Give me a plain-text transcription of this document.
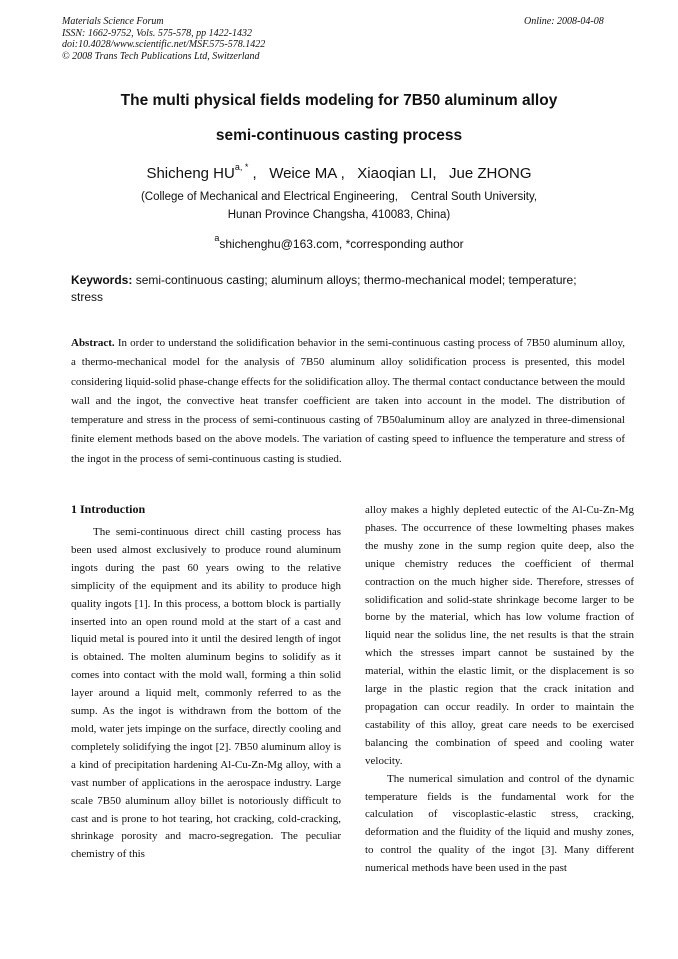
Materials Science Forum
ISSN: 1662-9752, Vols. 575-578, pp 1422-1432
doi:10.4028/www.scientific.net/MSF.575-578.1422
© 2008 Trans Tech Publications Ltd, Switzerland
Online: 2008-04-08
The multi physical fields modeling for 7B50 aluminum alloy
semi-continuous casting process
Shicheng $HU^{a, *}$ ,   Weice MA ,   Xiaoqian LI,   Jue ZHONG
(College of Mechanical and Electrical Engineering,    Central South University,
Hunan Province Changsha, 410083, China)
$^a$shichenghu@163.com, *corresponding author
Keywords: semi-continuous casting; aluminum alloys; thermo-mechanical model; temperature; stress
Abstract. In order to understand the solidification behavior in the semi-continuous casting process of 7B50 aluminum alloy, a thermo-mechanical model for the analysis of 7B50 aluminum alloy solidification process is presented, this model considering liquid-solid phase-change effects for the solidification alloy. The thermal contact conductance between the mould wall and the ingot, the convective heat transfer coefficient are taken into account in the model. The distribution of temperature and stress in the process of semi-continuous casting of 7B50aluminum alloy are analyzed in three-dimensional finite element methods based on the above models. The variation of casting speed to influence the temperature and stress of the ingot in the process of semi-continuous casting is studied.
1 Introduction

The semi-continuous direct chill casting process has been used almost exclusively to produce round aluminum ingots during the past 60 years owing to the relative simplicity of the equipment and its ability to produce high quality ingots [1]. In this process, a bottom block is partially inserted into an open round mold at the start of a cast and liquid metal is poured into it until the desired length of ingot is obtained. The molten aluminum begins to solidify as it comes into contact with the mold wall, forming a thin solid layer around a liquid melt, commonly referred to as the sump. As the ingot is withdrawn from the bottom of the mold, water jets impinge on the surface, directly cooling and completely solidifying the ingot [2]. 7B50 aluminum alloy is a kind of precipitation hardening Al-Cu-Zn-Mg alloy, with a vast number of applications in the aerospace industry. Large scale 7B50 aluminum alloy billet is notoriously difficult to cast and is prone to hot tearing, hot cracking, cold-cracking, shrinkage porosity and macro-segregation. The peculiar chemistry of this

alloy makes a highly depleted eutectic of the Al-Cu-Zn-Mg phases. The occurrence of these lowmelting phases makes the mushy zone in the sump region quite deep, also the unique chemistry reduces the coefficient of thermal contraction on the much higher side. Therefore, stresses of solidification and solid-state shrinkage become larger to be borne by the material, which has low volume fraction of liquid near the solidus line, the net results is that the strain which the stresses impart cannot be sustained by the material, within the elastic limit, or the displacement is so large in the plastic region that the crack initation and propagation can occur readily. In order to maintain the castability of this alloy, great care needs to be exercised balancing the combination of speed and cooling water velocity.

The numerical simulation and control of the dynamic temperature fields is the fundamental work for the calculation of viscoplastic-elastic stress, cracking, deformation and the fluidity of the liquid and mushy zones, to control the quality of the ingot [3]. Many different numerical methods have been used in the past
